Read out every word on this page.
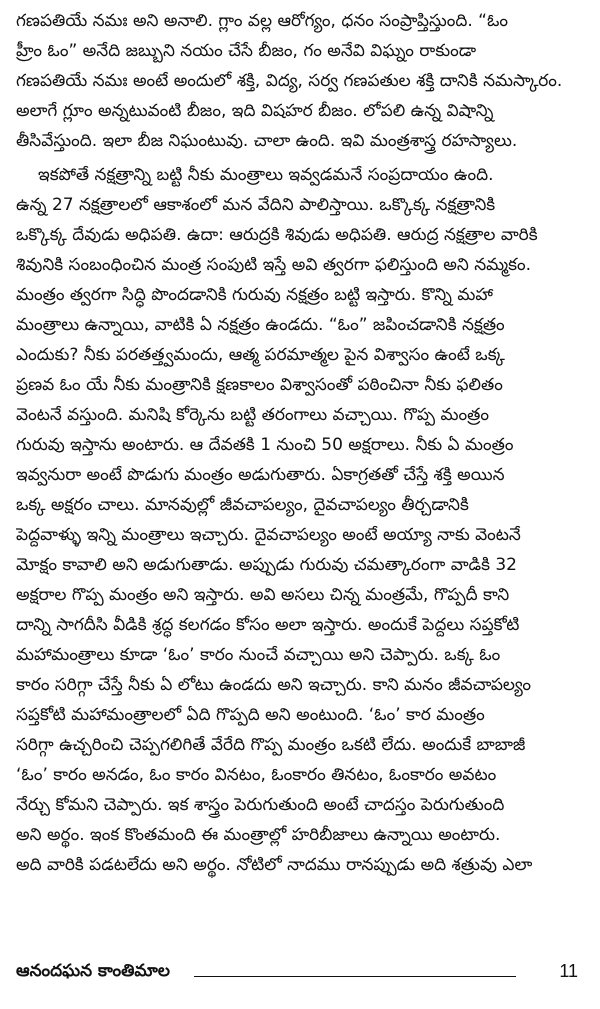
గణపతియే నమః అని అనాలి. గ్లాం వల్ల ఆరోగ్యం, ధనం సంప్రాప్తిస్తుంది. “ఓం
హ్రీం ఓం” అనేది జబ్బుని నయం చేసే బీజం, గం అనేవి విఘ్నం రాకుండా
గణపతియే నమః అంటే అందులో శక్తి, విద్య, సర్వ గణపతుల శక్తి దానికి నమస్కారం.
అలాగే గ్లూం అన్నటువంటి బీజం, ఇది విషహర బీజం. లోపలి ఉన్న విషాన్ని
తీసివేస్తుంది. ఇలా బీజ నిఘంటువు. చాలా ఉంది. ఇవి మంత్రశాస్త్ర రహస్యాలు.
ఇకపోతే నక్షత్రాన్ని బట్టి నీకు మంత్రాలు ఇవ్వడమనే సంప్రదాయం ఉంది.
ఉన్న 27 నక్షత్రాలలో ఆకాశంలో మన వేదిని పాలిస్తాయి. ఒక్కొక్క నక్షత్రానికి
ఒక్కొక్క దేవుడు అధిపతి. ఉదా: ఆరుద్రకి శివుడు అధిపతి. ఆరుద్ర నక్షత్రాల వారికి
శివునికి సంబంధించిన మంత్ర సంపుటి ఇస్తే అవి త్వరగా ఫలిస్తుంది అని నమ్మకం.
మంత్రం త్వరగా సిద్ధి పొందడానికి గురువు నక్షత్రం బట్టి ఇస్తారు. కొన్ని మహా
మంత్రాలు ఉన్నాయి, వాటికి ఏ నక్షత్రం ఉండదు. “ఓం” జపించడానికి నక్షత్రం
ఎందుకు? నీకు పరతత్త్వమందు, ఆత్మ పరమాత్మల పైన విశ్వాసం ఉంటే ఒక్క
ప్రణవ ఓం యే నీకు మంత్రానికి క్షణకాలం విశ్వాసంతో పఠించినా నీకు ఫలితం
వెంటనే వస్తుంది. మనిషి కోర్కెను బట్టి తరంగాలు వచ్చాయి. గొప్ప మంత్రం
గురువు ఇస్తాను అంటారు. ఆ దేవతకి 1 నుంచి 50 అక్షరాలు. నీకు ఏ మంత్రం
ఇవ్వనురా అంటే పొడుగు మంత్రం అడుగుతారు. ఏకాగ్రతతో చేస్తే శక్తి అయిన
ఒక్క అక్షరం చాలు. మానవుల్లో జీవచాపల్యం, దైవచాపల్యం తీర్చడానికి
పెద్దవాళ్ళు ఇన్ని మంత్రాలు ఇచ్చారు. దైవచాపల్యం అంటే అయ్యా నాకు వెంటనే
మోక్షం కావాలి అని అడుగుతాడు. అప్పుడు గురువు చమత్కారంగా వాడికి 32
అక్షరాల గొప్ప మంత్రం అని ఇస్తారు. అవి అసలు చిన్న మంత్రమే, గొప్పదీ కాని
దాన్ని సాగదీసి వీడికి శ్రద్ధ కలగడం కోసం అలా ఇస్తారు. అందుకే పెద్దలు సప్తకోటి
మహామంత్రాలు కూడా ‘ఓం’ కారం నుంచే వచ్చాయి అని చెప్పారు. ఒక్క ఓం
కారం సరిగ్గా చేస్తే నీకు ఏ లోటు ఉండదు అని ఇచ్చారు. కాని మనం జీవచాపల్యం
సప్తకోటి మహామంత్రాలలో ఏది గొప్పది అని అంటుంది. ‘ఓం’ కార మంత్రం
సరిగ్గా ఉచ్చరించి చెప్పగలిగితే వేరేది గొప్ప మంత్రం ఒకటి లేదు. అందుకే బాబాజీ
‘ఓం’ కారం అనడం, ఓం కారం వినటం, ఓంకారం తినటం, ఓంకారం అవటం
నేర్చు కోమని చెప్పారు. ఇక శాస్త్రం పెరుగుతుంది అంటే చాదస్తం పెరుగుతుంది
అని అర్థం. ఇంక కొంతమంది ఈ మంత్రాల్లో హరిబీజాలు ఉన్నాయి అంటారు.
అది వారికి పడటలేదు అని అర్థం. నోటిలో నాదము రానప్పుడు అది శత్రువు ఎలా
ఆనందఘన కాంతిమాల	11
